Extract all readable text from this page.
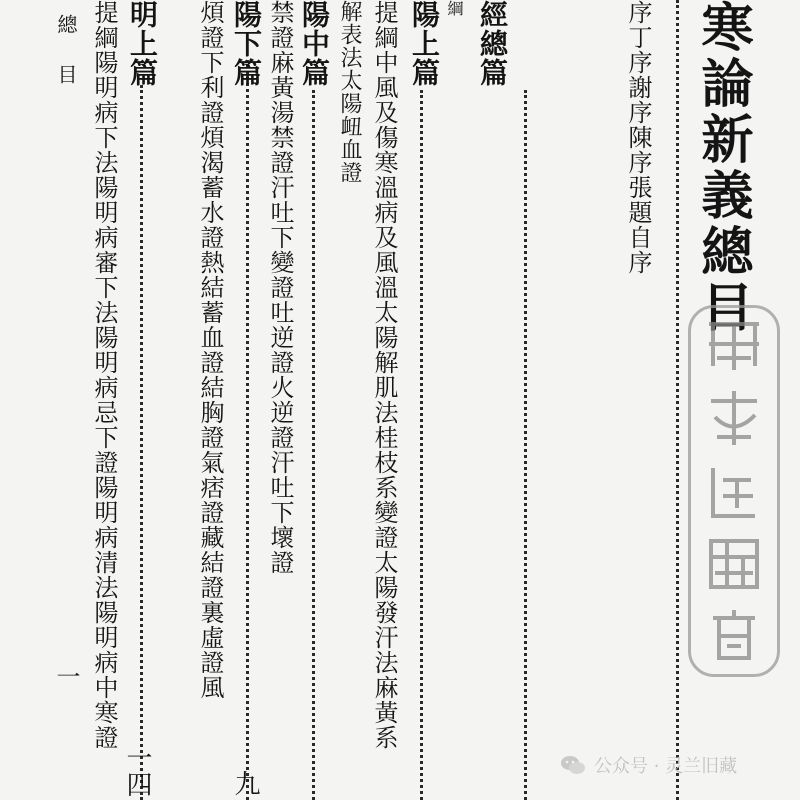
寒論新義總目
序丁序謝序陳序張題自序
經總篇
綱
陽上篇
提綱中風及傷寒溫病及風溫太陽解肌法桂枝系變證太陽發汗法麻黃系
解表法太陽衄血證
陽中篇
禁證麻黃湯禁證汗吐下變證吐逆證火逆證汗吐下壞證
陽下篇
煩證下利證煩渴蓄水證熱結蓄血證結胸證氣痞證藏結證裏虛證風
明上篇
提綱陽明病下法陽明病審下法陽明病忌下證陽明病清法陽明病中寒證
總
目
一
九
一四	公众号 · 灵兰旧藏
